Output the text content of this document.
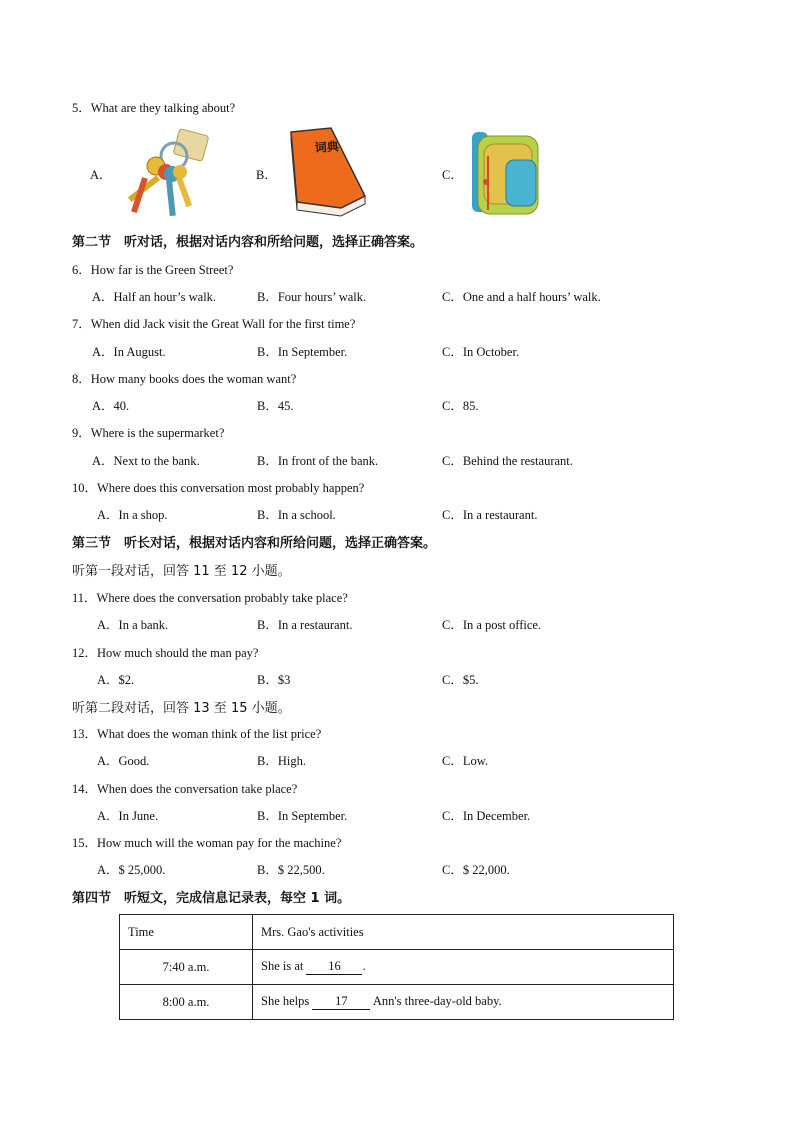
5．What are they talking about?
A．	B．	C．
词典
第二节　听对话，根据对话内容和所给问题，选择正确答案。
6．How far is the Green Street?
A．Half an hour’s walk.	B．Four hours’ walk.	C．One and a half hours’ walk.
7．When did Jack visit the Great Wall for the first time?
A．In August.	B．In September.	C．In October.
8．How many books does the woman want?
A．40.	B．45.	C．85.
9．Where is the supermarket?
A．Next to the bank.	B．In front of the bank.	C．Behind the restaurant.
10．Where does this conversation most probably happen?
A．In a shop.	B．In a school.	C．In a restaurant.
第三节　听长对话，根据对话内容和所给问题，选择正确答案。
听第一段对话，回答 11 至 12 小题。
11．Where does the conversation probably take place?
A．In a bank.	B．In a restaurant.	C．In a post office.
12．How much should the man pay?
A．$2.	B．$3	C．$5.
听第二段对话，回答 13 至 15 小题。
13．What does the woman think of the list price?
A．Good.	B．High.	C．Low.
14．When does the conversation take place?
A．In June.	B．In September.	C．In December.
15．How much will the woman pay for the machine?
A．$ 25,000.	B．$ 22,500.	C．$ 22,000.
第四节　听短文，完成信息记录表，每空 1 词。
Time	Mrs. Gao's activities
7:40 a.m.	She is at 16 .
8:00 a.m.	She helps 17 Ann's three-day-old baby.
